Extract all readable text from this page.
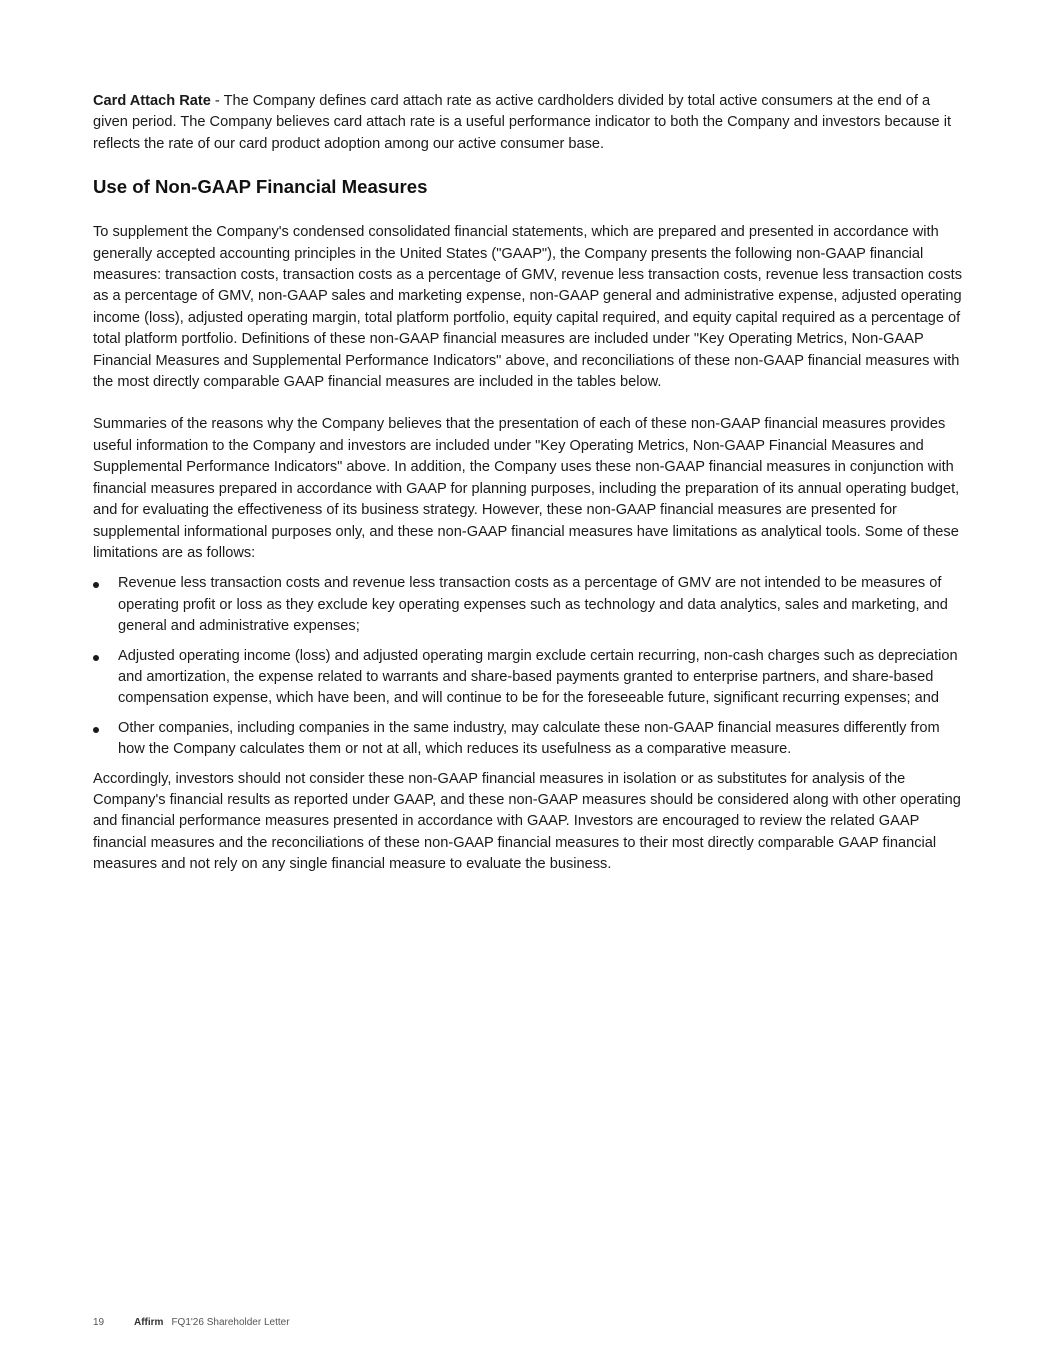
Card Attach Rate - The Company defines card attach rate as active cardholders divided by total active consumers at the end of a given period. The Company believes card attach rate is a useful performance indicator to both the Company and investors because it reflects the rate of our card product adoption among our active consumer base.

Use of Non-GAAP Financial Measures

To supplement the Company's condensed consolidated financial statements, which are prepared and presented in accordance with generally accepted accounting principles in the United States ("GAAP"), the Company presents the following non-GAAP financial measures: transaction costs, transaction costs as a percentage of GMV, revenue less transaction costs, revenue less transaction costs as a percentage of GMV, non-GAAP sales and marketing expense, non-GAAP general and administrative expense, adjusted operating income (loss), adjusted operating margin, total platform portfolio, equity capital required, and equity capital required as a percentage of total platform portfolio. Definitions of these non-GAAP financial measures are included under "Key Operating Metrics, Non-GAAP Financial Measures and Supplemental Performance Indicators" above, and reconciliations of these non-GAAP financial measures with the most directly comparable GAAP financial measures are included in the tables below.

Summaries of the reasons why the Company believes that the presentation of each of these non-GAAP financial measures provides useful information to the Company and investors are included under "Key Operating Metrics, Non-GAAP Financial Measures and Supplemental Performance Indicators" above. In addition, the Company uses these non-GAAP financial measures in conjunction with financial measures prepared in accordance with GAAP for planning purposes, including the preparation of its annual operating budget, and for evaluating the effectiveness of its business strategy. However, these non-GAAP financial measures are presented for supplemental informational purposes only, and these non-GAAP financial measures have limitations as analytical tools. Some of these limitations are as follows:

Revenue less transaction costs and revenue less transaction costs as a percentage of GMV are not intended to be measures of operating profit or loss as they exclude key operating expenses such as technology and data analytics, sales and marketing, and general and administrative expenses;
Adjusted operating income (loss) and adjusted operating margin exclude certain recurring, non-cash charges such as depreciation and amortization, the expense related to warrants and share-based payments granted to enterprise partners, and share-based compensation expense, which have been, and will continue to be for the foreseeable future, significant recurring expenses; and
Other companies, including companies in the same industry, may calculate these non-GAAP financial measures differently from how the Company calculates them or not at all, which reduces its usefulness as a comparative measure.

Accordingly, investors should not consider these non-GAAP financial measures in isolation or as substitutes for analysis of the Company's financial results as reported under GAAP, and these non-GAAP measures should be considered along with other operating and financial performance measures presented in accordance with GAAP. Investors are encouraged to review the related GAAP financial measures and the reconciliations of these non-GAAP financial measures to their most directly comparable GAAP financial measures and not rely on any single financial measure to evaluate the business.

19	Affirm FQ1'26 Shareholder Letter
